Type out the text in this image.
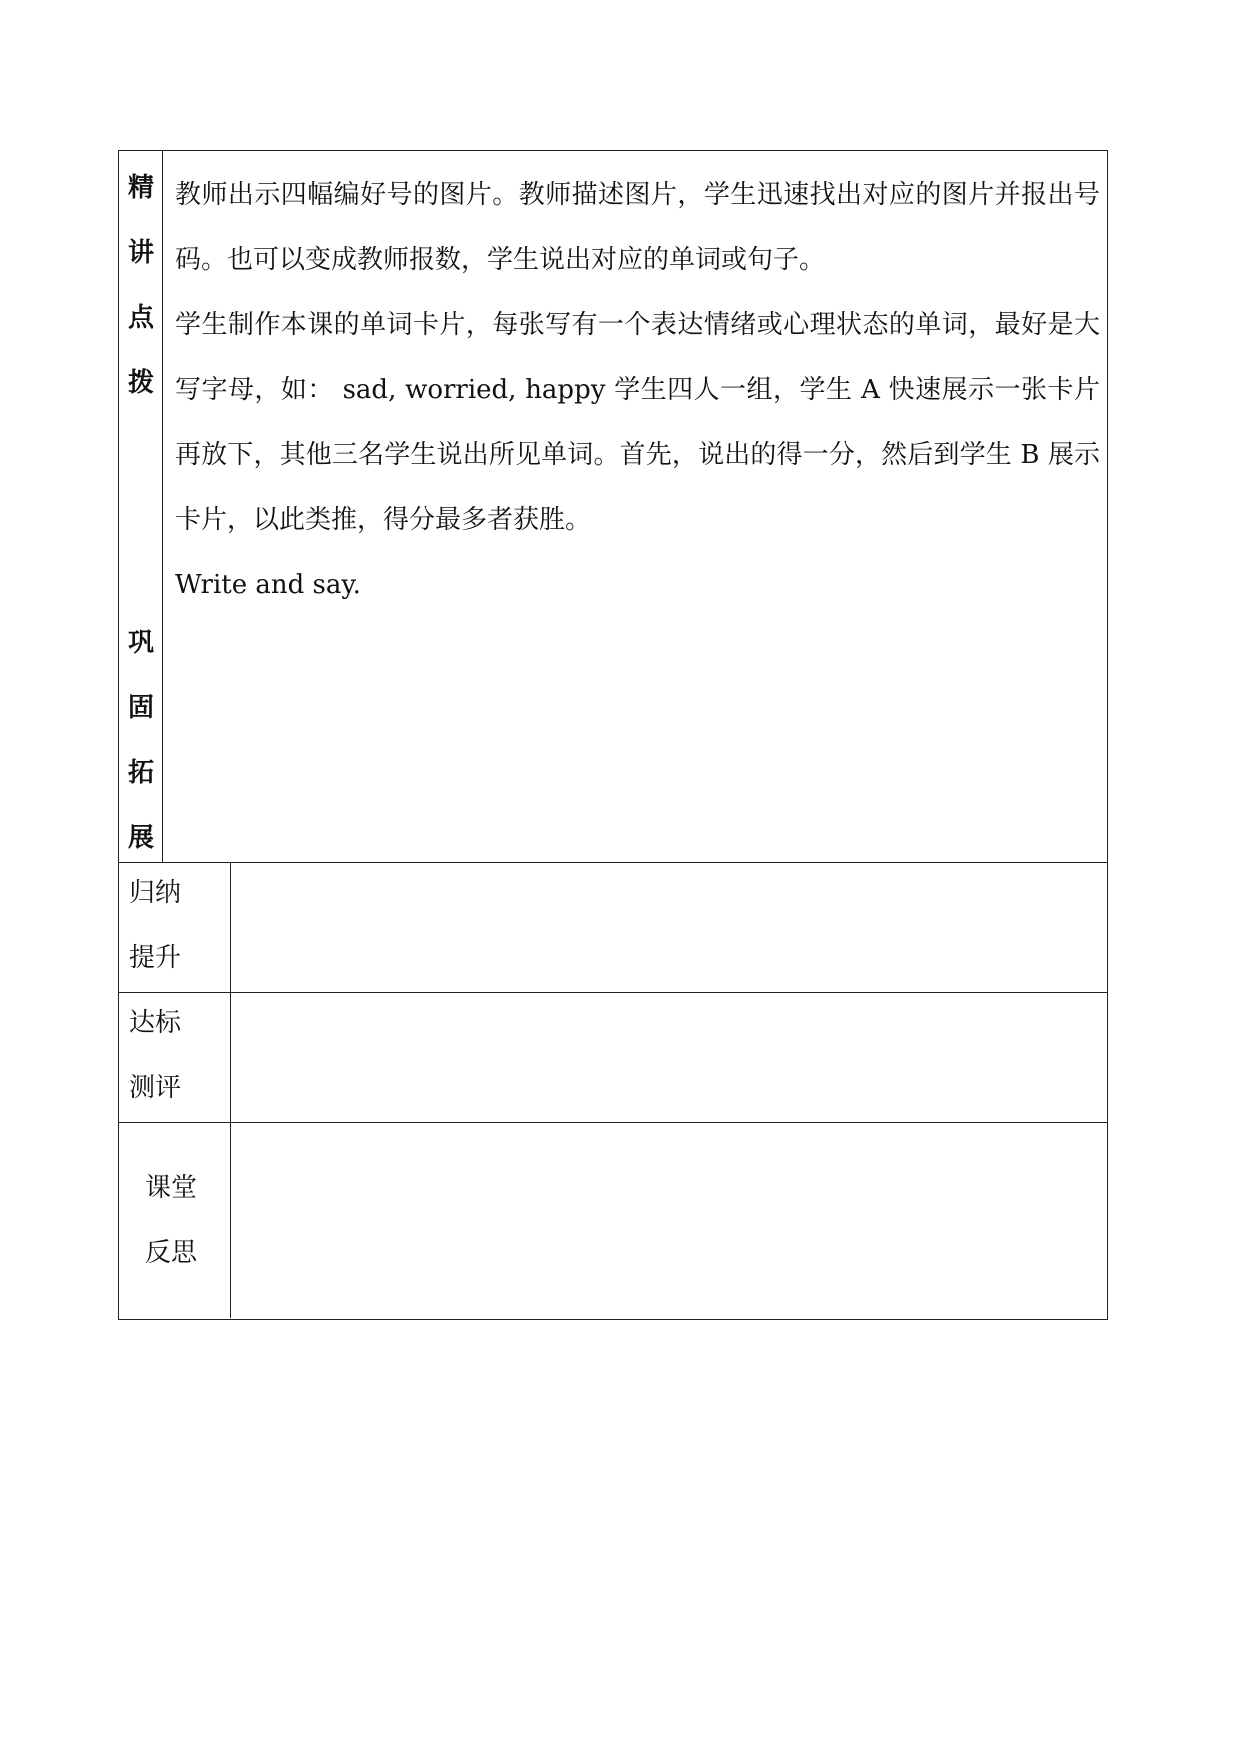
精
讲
点
拨
巩
固
拓
展

教师出示四幅编好号的图片。教师描述图片，学生迅速找出对应的图片并报出号码。也可以变成教师报数，学生说出对应的单词或句子。

学生制作本课的单词卡片，每张写有一个表达情绪或心理状态的单词，最好是大写字母，如： sad, worried, happy 学生四人一组，学生 A 快速展示一张卡片再放下，其他三名学生说出所见单词。首先，说出的得一分，然后到学生 B 展示卡片，以此类推，得分最多者获胜。

Write and say.

归纳
提升
达标
测评
课堂
反思
